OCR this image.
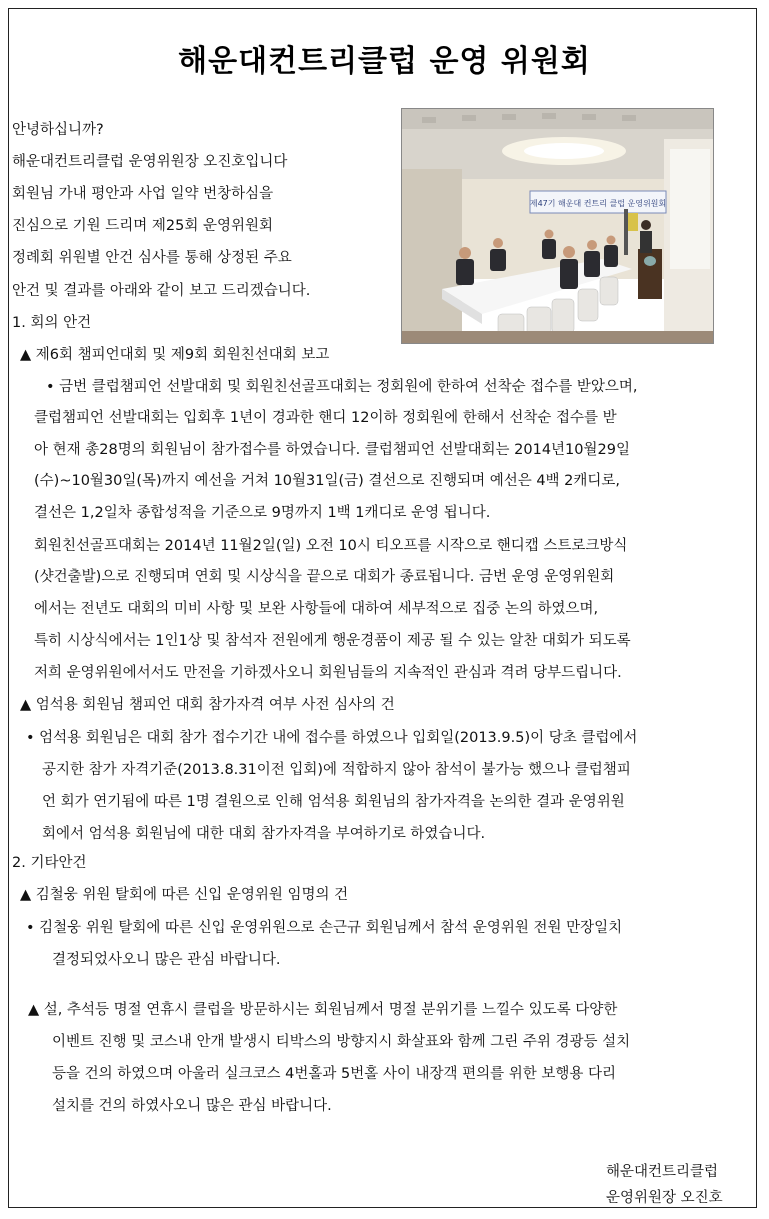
해운대컨트리클럽 운영 위원회
안녕하십니까?
해운대컨트리클럽 운영위원장 오진호입니다
회원님 가내 평안과 사업 일약 번창하심을
진심으로 기원 드리며 제25회 운영위원회
정례회 위원별 안건 심사를 통해 상정된 주요
안건 및 결과를 아래와 같이 보고 드리겠습니다.
제47기 해운대 컨트리 클럽 운영위원회
1. 회의 안건
▲ 제6회 챔피언대회 및 제9회 회원친선대회 보고
• 금번 클럽챔피언 선발대회 및 회원친선골프대회는 정회원에 한하여 선착순 접수를 받았으며,
클럽챔피언 선발대회는 입회후 1년이 경과한 핸디 12이하 정회원에 한해서 선착순 접수를 받
아 현재 총28명의 회원님이 참가접수를 하였습니다. 클럽챔피언 선발대회는 2014년10월29일
(수)~10월30일(목)까지 예선을 거쳐 10월31일(금) 결선으로 진행되며 예선은 4백 2캐디로,
결선은 1,2일차 종합성적을 기준으로 9명까지 1백 1캐디로 운영 됩니다.
회원친선골프대회는 2014년 11월2일(일) 오전 10시 티오프를 시작으로 핸디캡 스트로크방식
(샷건출발)으로 진행되며 연회 및 시상식을 끝으로 대회가 종료됩니다. 금번 운영 운영위원회
에서는 전년도 대회의 미비 사항 및 보완 사항들에 대하여 세부적으로 집중 논의 하였으며,
특히 시상식에서는 1인1상 및 참석자 전원에게 행운경품이 제공 될 수 있는 알찬 대회가 되도록
저희 운영위원에서서도 만전을 기하겠사오니 회원님들의 지속적인 관심과 격려 당부드립니다.
▲ 엄석용 회원님 챔피언 대회 참가자격 여부 사전 심사의 건
• 엄석용 회원님은 대회 참가 접수기간 내에 접수를 하였으나 입회일(2013.9.5)이 당초 클럽에서
공지한 참가 자격기준(2013.8.31이전 입회)에 적합하지 않아 참석이 불가능 했으나 클럽챔피
언 회가 연기됨에 따른 1명 결원으로 인해 엄석용 회원님의 참가자격을 논의한 결과 운영위원
회에서 엄석용 회원님에 대한 대회 참가자격을 부여하기로 하였습니다.
2. 기타안건
▲ 김철웅 위원 탈회에 따른 신입 운영위원 임명의 건
• 김철웅 위원 탈회에 따른 신입 운영위원으로 손근규 회원님께서 참석 운영위원 전원 만장일치
결정되었사오니 많은 관심 바랍니다.
▲ 설, 추석등 명절 연휴시 클럽을 방문하시는 회원님께서 명절 분위기를 느낄수 있도록 다양한
이벤트 진행 및 코스내 안개 발생시 티박스의 방향지시 화살표와 함께 그린 주위 경광등 설치
등을 건의 하였으며 아울러 실크코스 4번홀과 5번홀 사이 내장객 편의를 위한 보행용 다리
설치를 건의 하였사오니 많은 관심 바랍니다.
해운대컨트리클럽
운영위원장 오진호
